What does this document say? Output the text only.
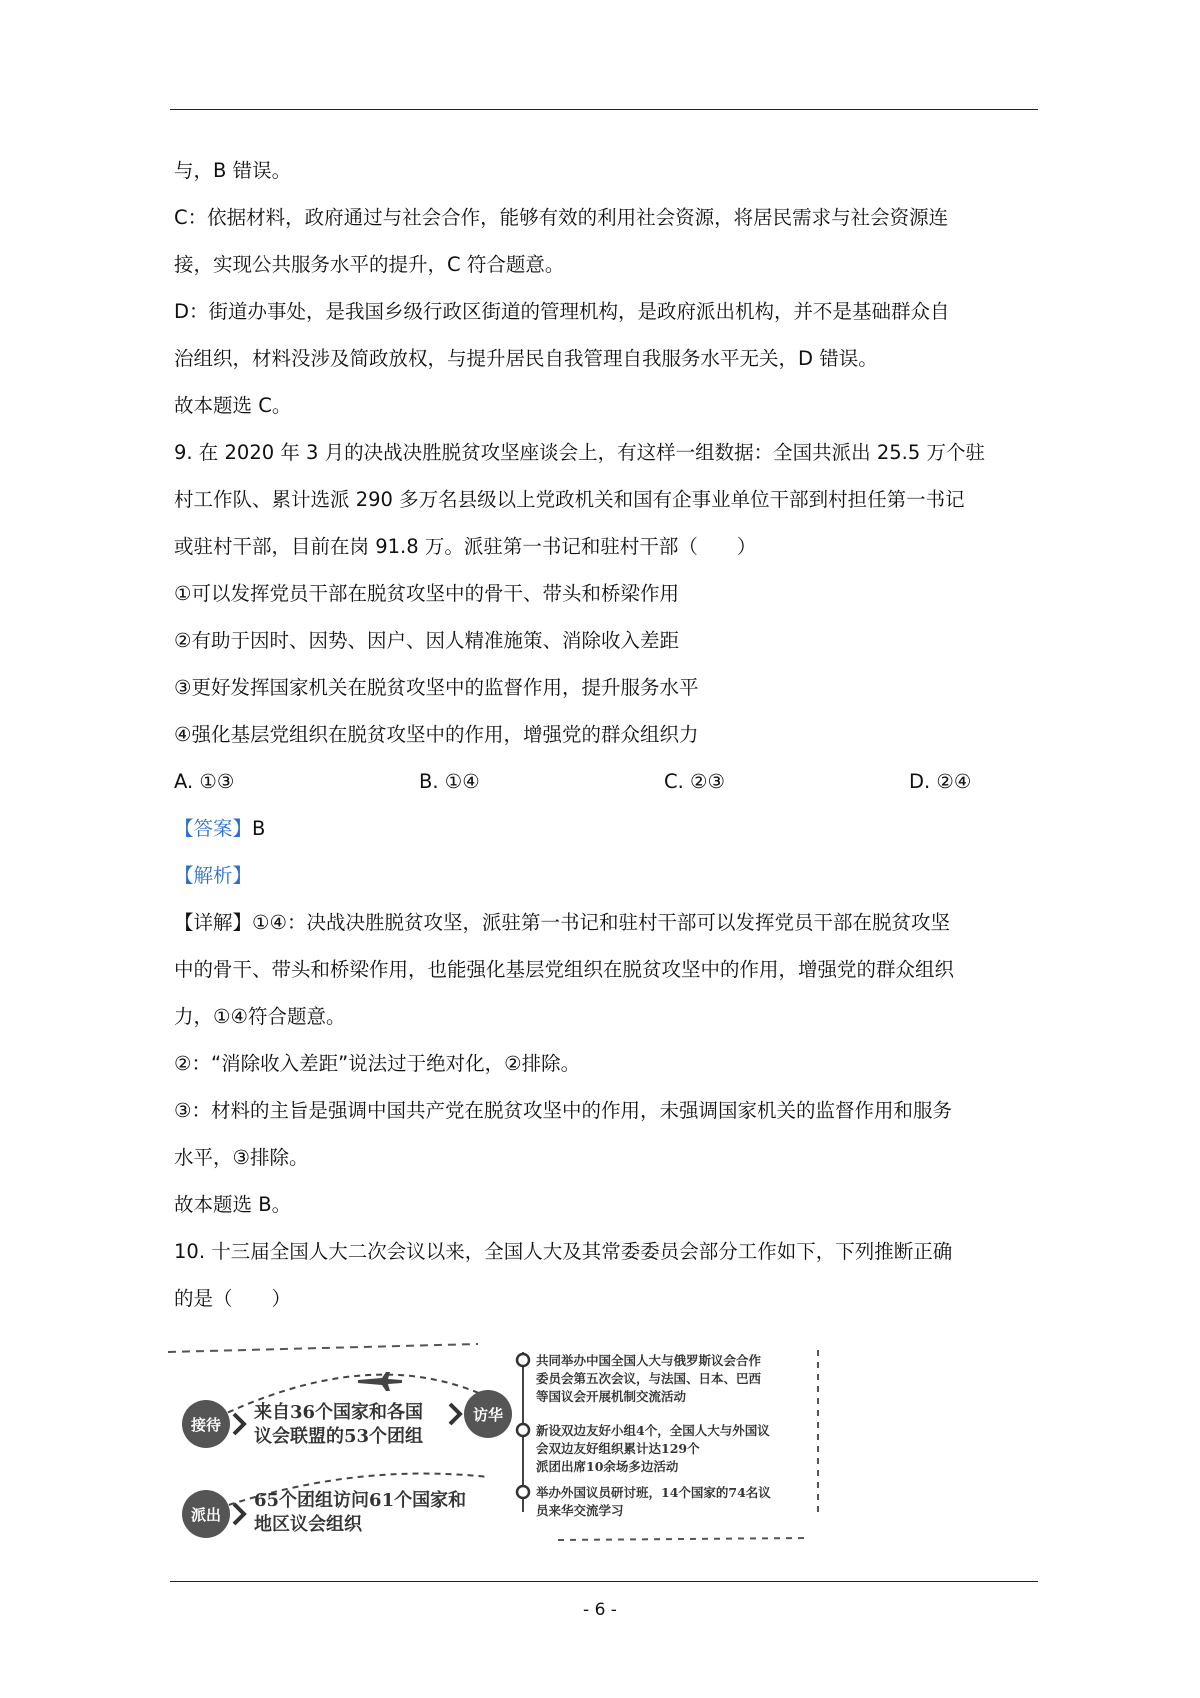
与，B 错误。
C：依据材料，政府通过与社会合作，能够有效的利用社会资源，将居民需求与社会资源连
接，实现公共服务水平的提升，C 符合题意。
D：街道办事处，是我国乡级行政区街道的管理机构，是政府派出机构，并不是基础群众自
治组织，材料没涉及简政放权，与提升居民自我管理自我服务水平无关，D 错误。
故本题选 C。
9. 在 2020 年 3 月的决战决胜脱贫攻坚座谈会上，有这样一组数据：全国共派出 25.5 万个驻
村工作队、累计选派 290 多万名县级以上党政机关和国有企事业单位干部到村担任第一书记
或驻村干部，目前在岗 91.8 万。派驻第一书记和驻村干部（　　）
①可以发挥党员干部在脱贫攻坚中的骨干、带头和桥梁作用
②有助于因时、因势、因户、因人精准施策、消除收入差距
③更好发挥国家机关在脱贫攻坚中的监督作用，提升服务水平
④强化基层党组织在脱贫攻坚中的作用，增强党的群众组织力
A. ①③	B. ①④	C. ②③	D. ②④
【答案】B
【解析】
【详解】①④：决战决胜脱贫攻坚，派驻第一书记和驻村干部可以发挥党员干部在脱贫攻坚
中的骨干、带头和桥梁作用，也能强化基层党组织在脱贫攻坚中的作用，增强党的群众组织
力，①④符合题意。
②：“消除收入差距”说法过于绝对化，②排除。
③：材料的主旨是强调中国共产党在脱贫攻坚中的作用，未强调国家机关的监督作用和服务
水平，③排除。
故本题选 B。
10. 十三届全国人大二次会议以来，全国人大及其常委委员会部分工作如下，下列推断正确
的是（　　）
接待
访华
来自36个国家和各国
议会联盟的53个团组
派出
65个团组访问61个国家和
地区议会组织
共同举办中国全国人大与俄罗斯议会合作
委员会第五次会议，与法国、日本、巴西
等国议会开展机制交流活动
新设双边友好小组4个，全国人大与外国议
会双边友好组织累计达129个
派团出席10余场多边活动
举办外国议员研讨班，14个国家的74名议
员来华交流学习
- 6 -
